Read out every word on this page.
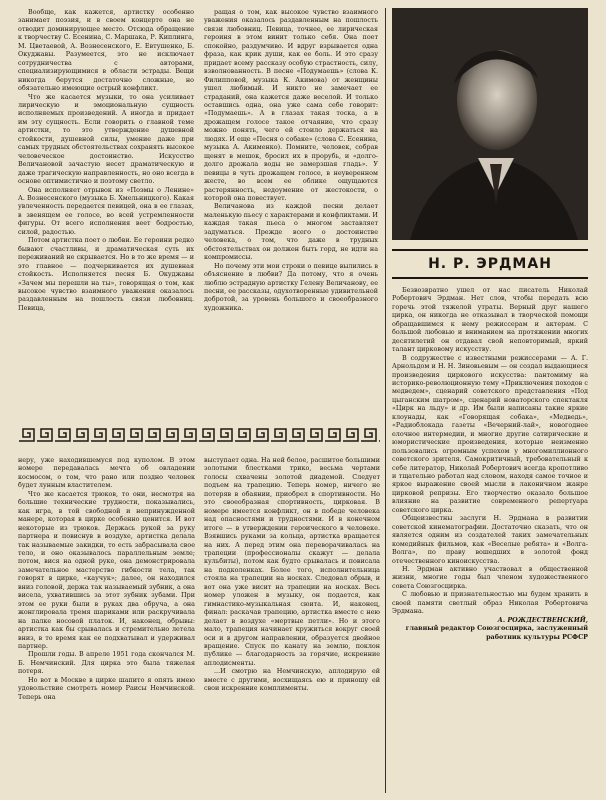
Вообще, как кажется, артистку особенно занимает поэзия, и в своем концерте она не отводит доминирующее место. Отсюда обращение к творчеству С. Есенина, С. Маршака, Р. Киплинга, М. Цветаевой, А. Вознесенского, Е. Евтушенко, Б. Окуджавы. Разумеется, это не исключает сотрудничества с авторами, специализирующимися в области эстрады. Вещи никогда берутся достаточно сложные, но обязательно имеющие острый конфликт.

Что же касается музыки, то она усиливает лирическую и эмоциональную сущность исполняемых произведений. А иногда и придает им эту сущность. Если говорить о главной теме артистки, то это утверждение душевной стойкости, душевной силы, умение даже при самых трудных обстоятельствах сохранять высокое человеческое достоинство. Искусство Величановой зачастую несет драматическую и даже трагическую направленность, но оно всегда в основе оптимистично и поэтому светло.

Она исполняет отрывок из «Поэмы о Ленине» А. Вознесенского (музыка Б. Хмельницкого). Какая увлеченность передается певицей, она в ее глазах, в звенящем ее голосе, во всей устремленности фигуры. От всего исполнения веет бодростью, силой, радостью.

Потом артистка поет о любви. Ее героини редко бывают счастливы, и драматическая суть их переживаний не скрывается. Но в то же время — и это главное — подчеркивается их душевная стойкость. Исполняется песня Б. Окуджавы «Зачем мы перешли на ты», говорящая о том, как высокое чувство взаимного уважения оказалось раздавленным на пошлость связи любовниц. Певица,

ращая о том, как высокое чувство взаимного уважения оказалось раздавленным на пошлость связи любовниц. Певица, точнее, ее лирическая героиня в этом винит только себя. Она поет спокойно, раздумчиво. И вдруг взрывается одна фраза, как крик души, как ее боль. И это сразу придает всему рассказу особую страстность, силу, взволнованность. В песне «Подумаешь» (слова К. Филипповой, музыка К. Акимова) от женщины ушел любимый. И никто не замечает ее страданий, она кажется даже веселой. И только оставшись одна, она уже сама себе говорит: «Подумаешь». А в глазах такая тоска, а в дрожащем голосе такое отчаяние, что сразу можно понять, чего ей стоило держаться на людях. И еще «Песня о собаке» (слова С. Есенина, музыка А. Акименко). Помните, человек, собрав щенят в мешок, бросил их в прорубь, и «долго-долго дрожала воды не замерзшая гладь». У певицы в чуть дрожащем голосе, в неуверенном жесте, во всем ее облике ощущаются растерянность, недоумение от жестокости, о которой она повествует.

Величанова из каждой песни делает маленькую пьесу с характерами и конфликтами. И каждая такая пьеса о многом заставляет задуматься. Прежде всего о достоинстве человека, о том, что даже в трудных обстоятельствах он должен быть горд, не идти на компромиссы.

Но почему эти мои строки о певице вылились в объяснение в любви? Да потому, что я очень люблю эстрадную артистку Гелену Величанову, ее песни, ее рассказы, одухотворенные удивительной добротой, за уровень большого и своеобразного художника.

Н. Р. ЭРДМАН

Безвозвратно ушел от нас писатель Николай Робертович Эрдман. Нет слов, чтобы передать всю горечь этой тяжелой утраты. Верный друг нашего цирка, он никогда не отказывал в творческой помощи обращавшимся к нему режиссерам и актерам. С большой любовью и вниманием на протяжении многих десятилетий он отдавал свой неповторимый, яркий талант цирковому искусству.

В содружестве с известными режиссерами — А. Г. Арнольдом и Н. Н. Зиновьевым — он создал выдающиеся произведения циркового искусства: пантомиму на историко-революционную тему «Приключения походов с медведем», сценарий советского представления «Под цыганским шатром», сценарий новаторского спектакля «Цирк на льду» и др. Им были написаны такие яркие клоунады, как «Говорящая собака», «Медведь», «Радиоблокада газеты «Вечерний-лай», новогоднее елочное интермедии, и многие другие сатирические и юмористические произведения, которые неизменно пользовались огромным успехом у многомиллионного советского зрителя. Самокритичный, требовательный к себе литератор, Николай Робертович всегда кропотливо и тщательно работал над словом, находя самое точное и яркое выражение своей мысли в лаконичном жанре цирковой репризы. Его творчество оказало большое влияние на развитие современного репертуара советского цирка.

Общеизвестны заслуги Н. Эрдмана в развитии советской кинематографии. Достаточно сказать, что он является одним из создателей таких замечательных комедийных фильмов, как «Веселые ребята» и «Волга-Волга», по праву вошедших в золотой фонд отечественного киноискусства.

Н. Эрдман активно участвовал в общественной жизни, многие годы был членом художественного совета Союзгосцирка.

С любовью и признательностью мы будем хранить в своей памяти светлый образ Николая Робертовича Эрдмана.

А. РОЖДЕСТВЕНСКИЙ,

главный редактор Союзгосцирка, заслуженный работник культуры РСФСР

неру, уже находившемуся под куполом. В этом номере передавалась мечта об овладении космосом, о том, что рано или поздно человек будет лунным властителем.

Что же касается трюков, то они, несмотря на большие технические трудности, показывались, как игра, в той свободной и непринужденной манере, которая в цирке особенно ценится. И вот некоторые из трюков. Держась рукой за руку партнера и повиснув в воздухе, артистка делала так называемые закидки, то есть забрасывала свое тело, и оно оказывалось параллельным земле; потом, вися на одной руке, она демонстрировала замечательное мастерство гибкости тела, так говорят в цирке, «каучук»; далее, он находился вниз головой, держа так называемый зубник, а она висела, ухватившись за этот зубник зубами. При этом ее руки были в руках два обруча, а она жонглировала тремя шариками или раскручивала на палке носовой платок. И, наконец, обрывы: артистка как бы срывалась и стремительно летела вниз, в то время как ее подхватывал и удерживал партнер.

Прошли годы. В апреле 1951 года скончался М. Б. Немчинский. Для цирка это была тяжелая потеря.

Но вот в Москве в цирке шапито я опять имею удовольствие смотреть номер Раисы Немчинской. Теперь она

выступает одна. На ней белое, расшитое большими золотыми блестками трико, весьма чертами голосы схвачены золотой диадемой. Следует подъем на трапецию. Теперь номер, ничего не потеряв в обаянии, приобрел в спортивности. Но это своеобразная спортивность, цирковая. В номере имеется конфликт, он в победе человека над опасностями и трудностями. И в конечном итоге — в утверждении героического в человеке. Взявшись руками за кольца, артистка вращается на них. А перед этим она переворачивалась на трапеции (профессионалы скажут — делала кульбиты), потом как будто срывалась и повисала на подколенках. Более того, исполнительница стояла на трапеции на носках. Следовал обрыв, и вот она уже висит на трапеции на носках. Весь номер уложен в музыку, он подается, как гимнастико-музыкальная сюита. И, наконец, финал: раскачав трапецию, артистка вместе с нею делает в воздухе «мертвые петли». Но и этого мало, трапеция начинает кружиться вокруг своей оси и в другом направлении, образуется двойное вращение. Спуск по канату на землю, поклон публике — благодарность за горячие, искренние аплодисменты.

...И смотрю на Немчинскую, аплодирую ей вместе с другими, восхищаясь ею и приношу ей свои искренние комплименты.
